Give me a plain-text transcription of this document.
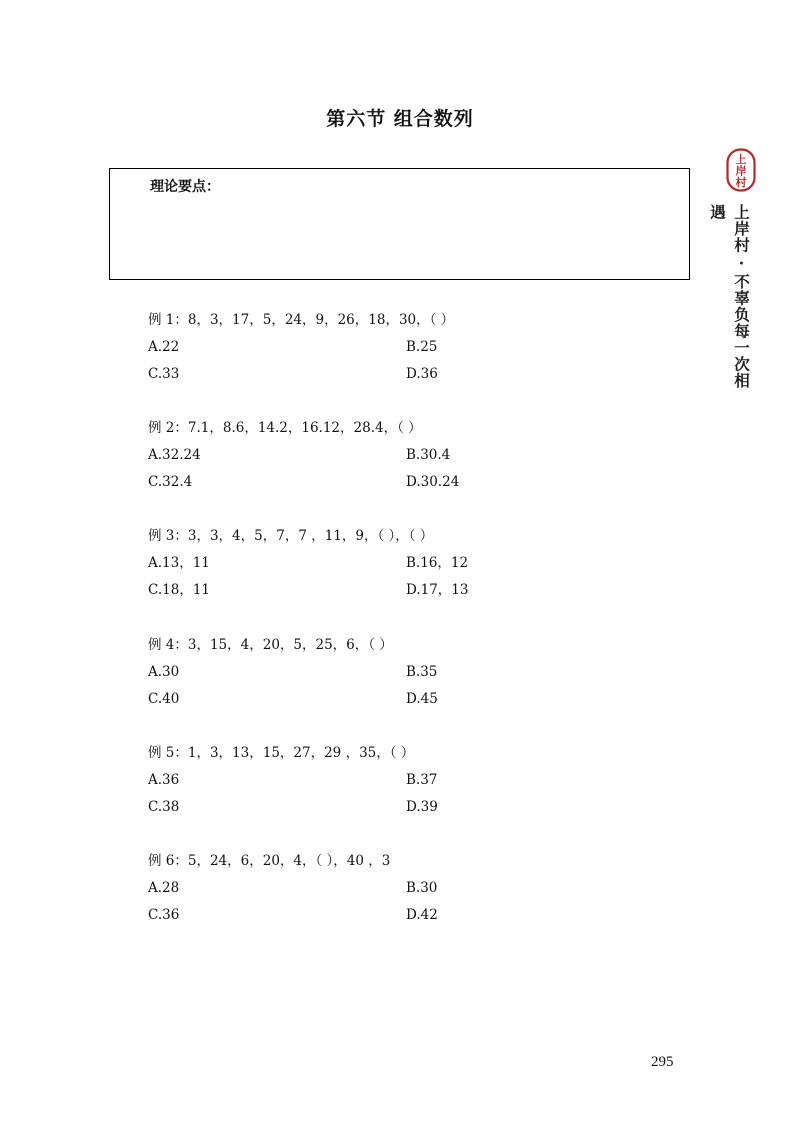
第六节 组合数列
理论要点：
例 1：8，3，17，5，24，9，26，18，30，（ ）
A.22	B.25
C.33	D.36
例 2：7.1，8.6，14.2，16.12，28.4，（ ）
A.32.24	B.30.4
C.32.4	D.30.24
例 3：3，3，4，5，7，7 ，11，9，（ ），（ ）
A.13，11	B.16，12
C.18，11	D.17，13
例 4：3，15，4，20，5，25，6，（ ）
A.30	B.35
C.40	D.45
例 5：1，3，13，15，27，29 ，35，（ ）
A.36	B.37
C.38	D.39
例 6：5，24，6，20，4，（ ），40 ，3
A.28	B.30
C.36	D.42
上
岸
村
上岸村·不辜负每一次相遇
295
